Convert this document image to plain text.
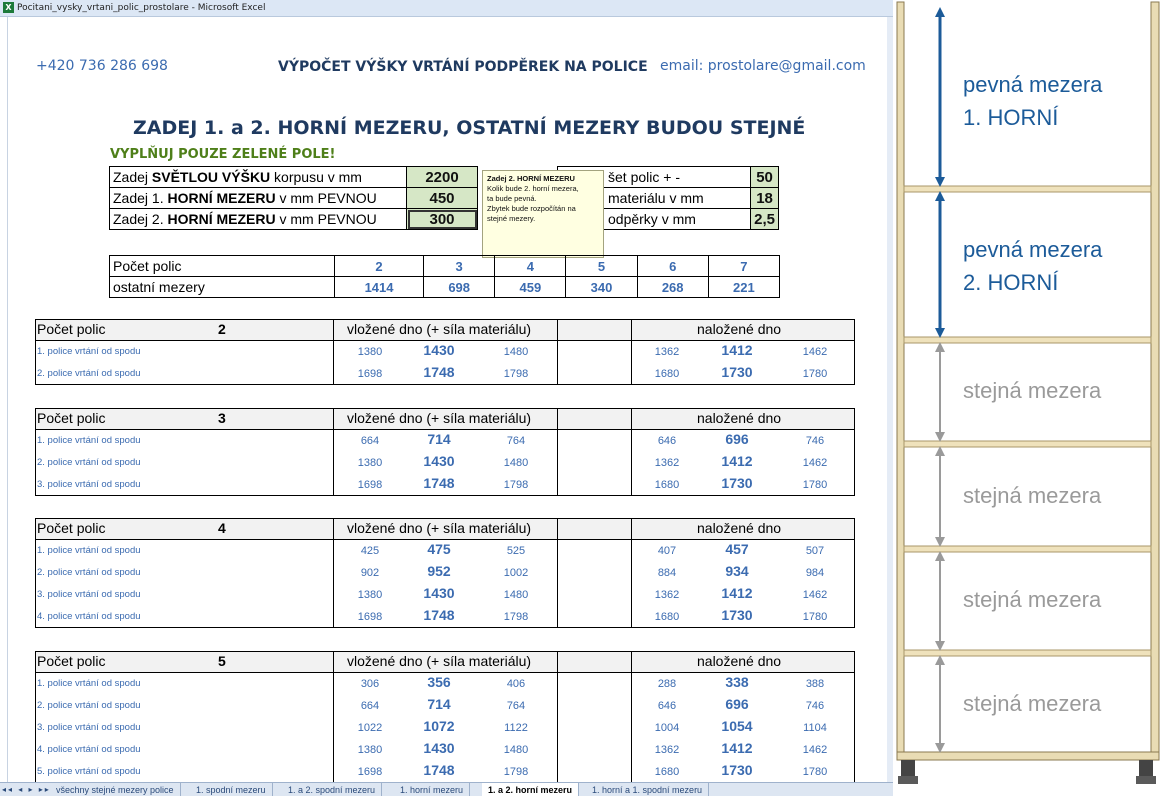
X Pocitani_vysky_vrtani_polic_prostolare - Microsoft Excel
+420 736 286 698	VÝPOČET VÝŠKY VRTÁNÍ PODPĚREK NA POLICE email: prostolare@gmail.com
ZADEJ 1. a 2. HORNÍ MEZERU, OSTATNÍ MEZERY BUDOU STEJNÉ
VYPLŇUJ POUZE ZELENÉ POLE!
Zadej SVĚTLOU VÝŠKU korpusu v mm	2200
Zadej 1. HORNÍ MEZERU v mm PEVNOU	450
Zadej 2. HORNÍ MEZERU v mm PEVNOU	300
šet polic + -	50
materiálu v mm	18
odpěrky v mm	2,5
Zadej 2. HORNÍ MEZERU
Kolik bude 2. horní mezera,
ta bude pevná.
Zbytek bude rozpočítán na
stejné mezery.
Počet polic	2	3	4	5	6	7
ostatní mezery	1414	698	459	340	268	221
Počet polic	2	vložené dno (+ síla materiálu)	naložené dno
1. police vrtání od spodu	1380	1430	1480	1362	1412	1462
2. police vrtání od spodu	1698	1748	1798	1680	1730	1780
Počet polic	3	vložené dno (+ síla materiálu)	naložené dno
1. police vrtání od spodu	664	714	764	646	696	746
2. police vrtání od spodu	1380	1430	1480	1362	1412	1462
3. police vrtání od spodu	1698	1748	1798	1680	1730	1780
Počet polic	4	vložené dno (+ síla materiálu)	naložené dno
1. police vrtání od spodu	425	475	525	407	457	507
2. police vrtání od spodu	902	952	1002	884	934	984
3. police vrtání od spodu	1380	1430	1480	1362	1412	1462
4. police vrtání od spodu	1698	1748	1798	1680	1730	1780
Počet polic	5	vložené dno (+ síla materiálu)	naložené dno
1. police vrtání od spodu	306	356	406	288	338	388
2. police vrtání od spodu	664	714	764	646	696	746
3. police vrtání od spodu	1022	1072	1122	1004	1054	1104
4. police vrtání od spodu	1380	1430	1480	1362	1412	1462
5. police vrtání od spodu	1698	1748	1798	1680	1730	1780
◂◂ ◂ ▸ ▸▸ všechny stejné mezery police	1. spodní mezeru	1. a 2. spodní mezeru	1. horní mezeru	1. a 2. horní mezeru	1. horní a 1. spodní mezeru
pevná mezera
1. HORNÍ
pevná mezera
2. HORNÍ
stejná mezera
stejná mezera
stejná mezera
stejná mezera
